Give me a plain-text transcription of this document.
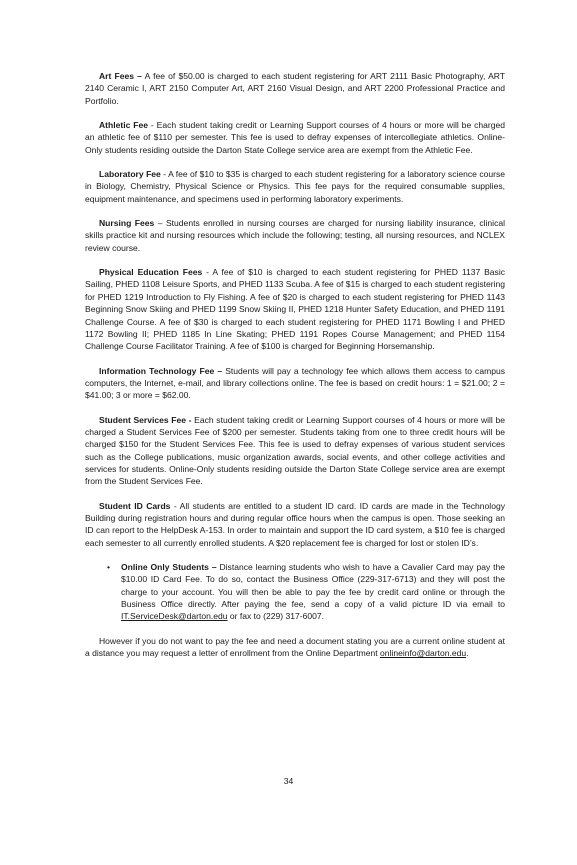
Art Fees – A fee of $50.00 is charged to each student registering for ART 2111 Basic Photography, ART 2140 Ceramic I, ART 2150 Computer Art, ART 2160 Visual Design, and ART 2200 Professional Practice and Portfolio.

Athletic Fee - Each student taking credit or Learning Support courses of 4 hours or more will be charged an athletic fee of $110 per semester. This fee is used to defray expenses of intercollegiate athletics. Online-Only students residing outside the Darton State College service area are exempt from the Athletic Fee.

Laboratory Fee - A fee of $10 to $35 is charged to each student registering for a laboratory science course in Biology, Chemistry, Physical Science or Physics. This fee pays for the required consumable supplies, equipment maintenance, and specimens used in performing laboratory experiments.

Nursing Fees – Students enrolled in nursing courses are charged for nursing liability insurance, clinical skills practice kit and nursing resources which include the following; testing, all nursing resources, and NCLEX review course.

Physical Education Fees - A fee of $10 is charged to each student registering for PHED 1137 Basic Sailing, PHED 1108 Leisure Sports, and PHED 1133 Scuba. A fee of $15 is charged to each student registering for PHED 1219 Introduction to Fly Fishing. A fee of $20 is charged to each student registering for PHED 1143 Beginning Snow Skiing and PHED 1199 Snow Skiing II, PHED 1218 Hunter Safety Education, and PHED 1191 Challenge Course. A fee of $30 is charged to each student registering for PHED 1171 Bowling I and PHED 1172 Bowling II; PHED 1185 In Line Skating; PHED 1191 Ropes Course Management; and PHED 1154 Challenge Course Facilitator Training. A fee of $100 is charged for Beginning Horsemanship.

Information Technology Fee – Students will pay a technology fee which allows them access to campus computers, the Internet, e-mail, and library collections online. The fee is based on credit hours: 1 = $21.00; 2 = $41.00; 3 or more = $62.00.

Student Services Fee - Each student taking credit or Learning Support courses of 4 hours or more will be charged a Student Services Fee of $200 per semester. Students taking from one to three credit hours will be charged $150 for the Student Services Fee. This fee is used to defray expenses of various student services such as the College publications, music organization awards, social events, and other college activities and services for students. Online-Only students residing outside the Darton State College service area are exempt from the Student Services Fee.

Student ID Cards - All students are entitled to a student ID card. ID cards are made in the Technology Building during registration hours and during regular office hours when the campus is open. Those seeking an ID can report to the HelpDesk A-153. In order to maintain and support the ID card system, a $10 fee is charged each semester to all currently enrolled students. A $20 replacement fee is charged for lost or stolen ID’s.

•	Online Only Students – Distance learning students who wish to have a Cavalier Card may pay the $10.00 ID Card Fee. To do so, contact the Business Office (229-317-6713) and they will post the charge to your account. You will then be able to pay the fee by credit card online or through the Business Office directly. After paying the fee, send a copy of a valid picture ID via email to IT.ServiceDesk@darton.edu or fax to (229) 317-6007.

However if you do not want to pay the fee and need a document stating you are a current online student at a distance you may request a letter of enrollment from the Online Department onlineinfo@darton.edu.

34
